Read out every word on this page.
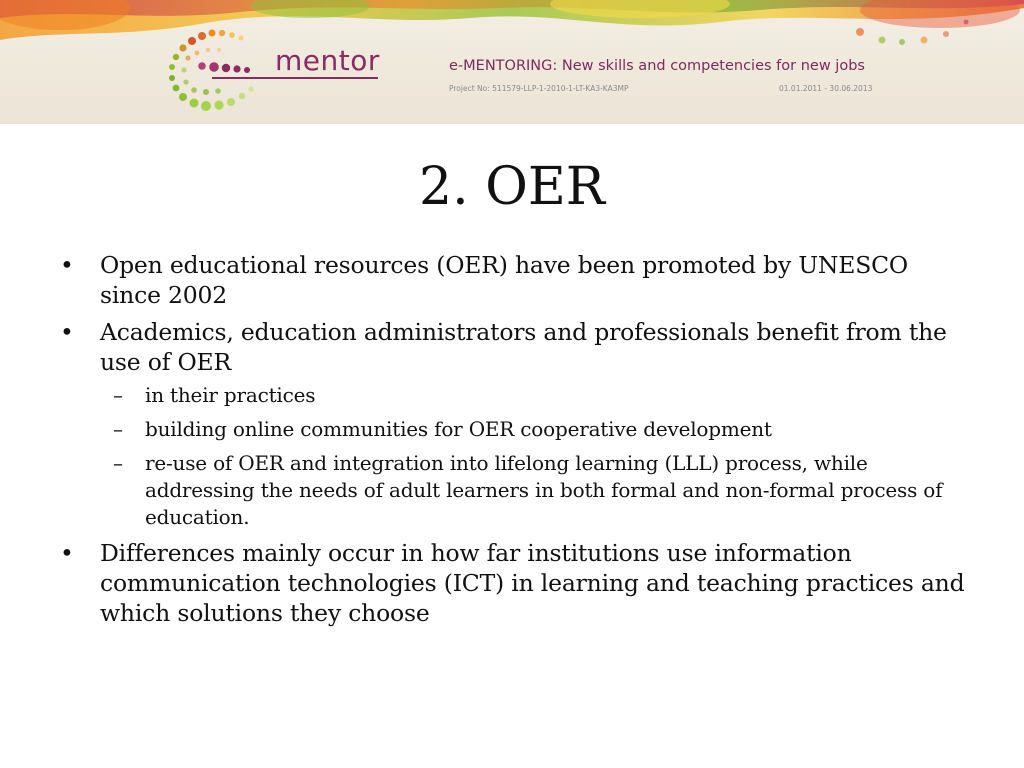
mentor	e-MENTORING: New skills and competencies for new jobs
Project No: 511579-LLP-1-2010-1-LT-KA3-KA3MP	01.01.2011 - 30.06.2013
2. OER
•	Open educational resources (OER) have been promoted by UNESCO since 2002
•	Academics, education administrators and professionals benefit from the use of OER
– in their practices
– building online communities for OER cooperative development
– re-use of OER and integration into lifelong learning (LLL) process, while addressing the needs of adult learners in both formal and non-formal process of education.
•	Differences mainly occur in how far institutions use information communication technologies (ICT) in learning and teaching practices and which solutions they choose
